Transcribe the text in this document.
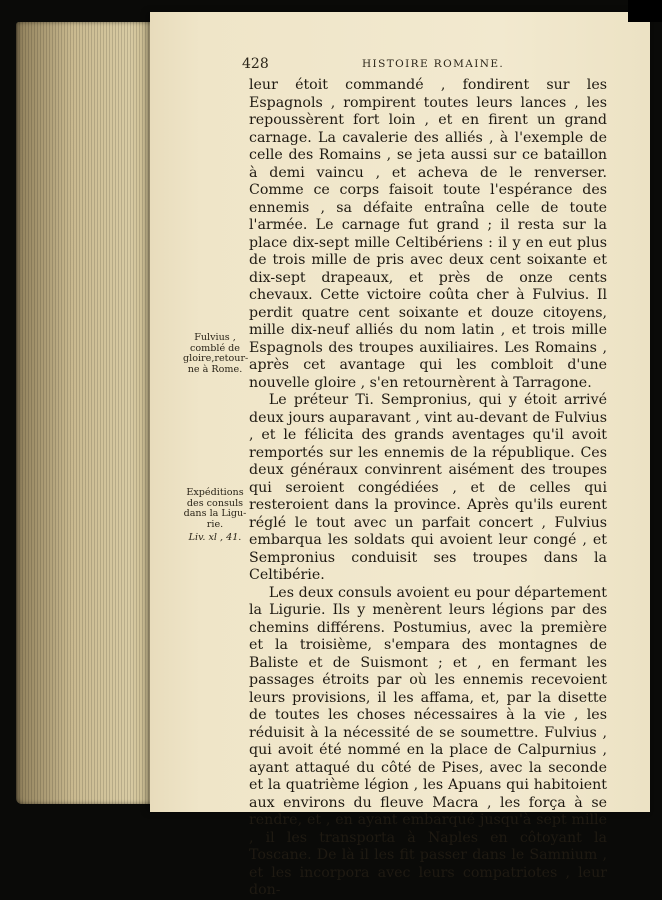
428	HISTOIRE ROMAINE.
Fulvius , comblé de gloire,retour-ne à Rome.
Expéditions des consuls dans la Ligu-rie.
Liv. xl , 41.

leur étoit commandé , fondirent sur les Espagnols , rompirent toutes leurs lances , les repoussèrent fort loin , et en firent un grand carnage. La cavalerie des alliés , à l'exemple de celle des Romains , se jeta aussi sur ce bataillon à demi vaincu , et acheva de le renverser. Comme ce corps faisoit toute l'espérance des ennemis , sa défaite entraîna celle de toute l'armée. Le carnage fut grand ; il resta sur la place dix-sept mille Celtibériens : il y en eut plus de trois mille de pris avec deux cent soixante et dix-sept drapeaux, et près de onze cents chevaux. Cette victoire coûta cher à Fulvius. Il perdit quatre cent soixante et douze citoyens, mille dix-neuf alliés du nom latin , et trois mille Espagnols des troupes auxiliaires. Les Romains , après cet avantage qui les combloit d'une nouvelle gloire , s'en retournèrent à Tarragone.

Le préteur Ti. Sempronius, qui y étoit arrivé deux jours auparavant , vint au-devant de Fulvius , et le félicita des grands aventages qu'il avoit remportés sur les ennemis de la république. Ces deux généraux convinrent aisément des troupes qui seroient congédiées , et de celles qui resteroient dans la province. Après qu'ils eurent réglé le tout avec un parfait concert , Fulvius embarqua les soldats qui avoient leur congé , et Sempronius conduisit ses troupes dans la Celtibérie.

Les deux consuls avoient eu pour département la Ligurie. Ils y menèrent leurs légions par des chemins différens. Postumius, avec la première et la troisième, s'empara des montagnes de Baliste et de Suismont ; et , en fermant les passages étroits par où les ennemis recevoient leurs provisions, il les affama, et, par la disette de toutes les choses nécessaires à la vie , les réduisit à la nécessité de se soumettre. Fulvius , qui avoit été nommé en la place de Calpurnius , ayant attaqué du côté de Pises, avec la seconde et la quatrième légion , les Apuans qui habitoient aux environs du fleuve Macra , les força à se rendre, et , en ayant embarqué jusqu'à sept mille , il les transporta à Naples en côtoyant la Toscane. De là il les fit passer dans le Samnium , et les incorpora avec leurs compatriotes , leur don-
